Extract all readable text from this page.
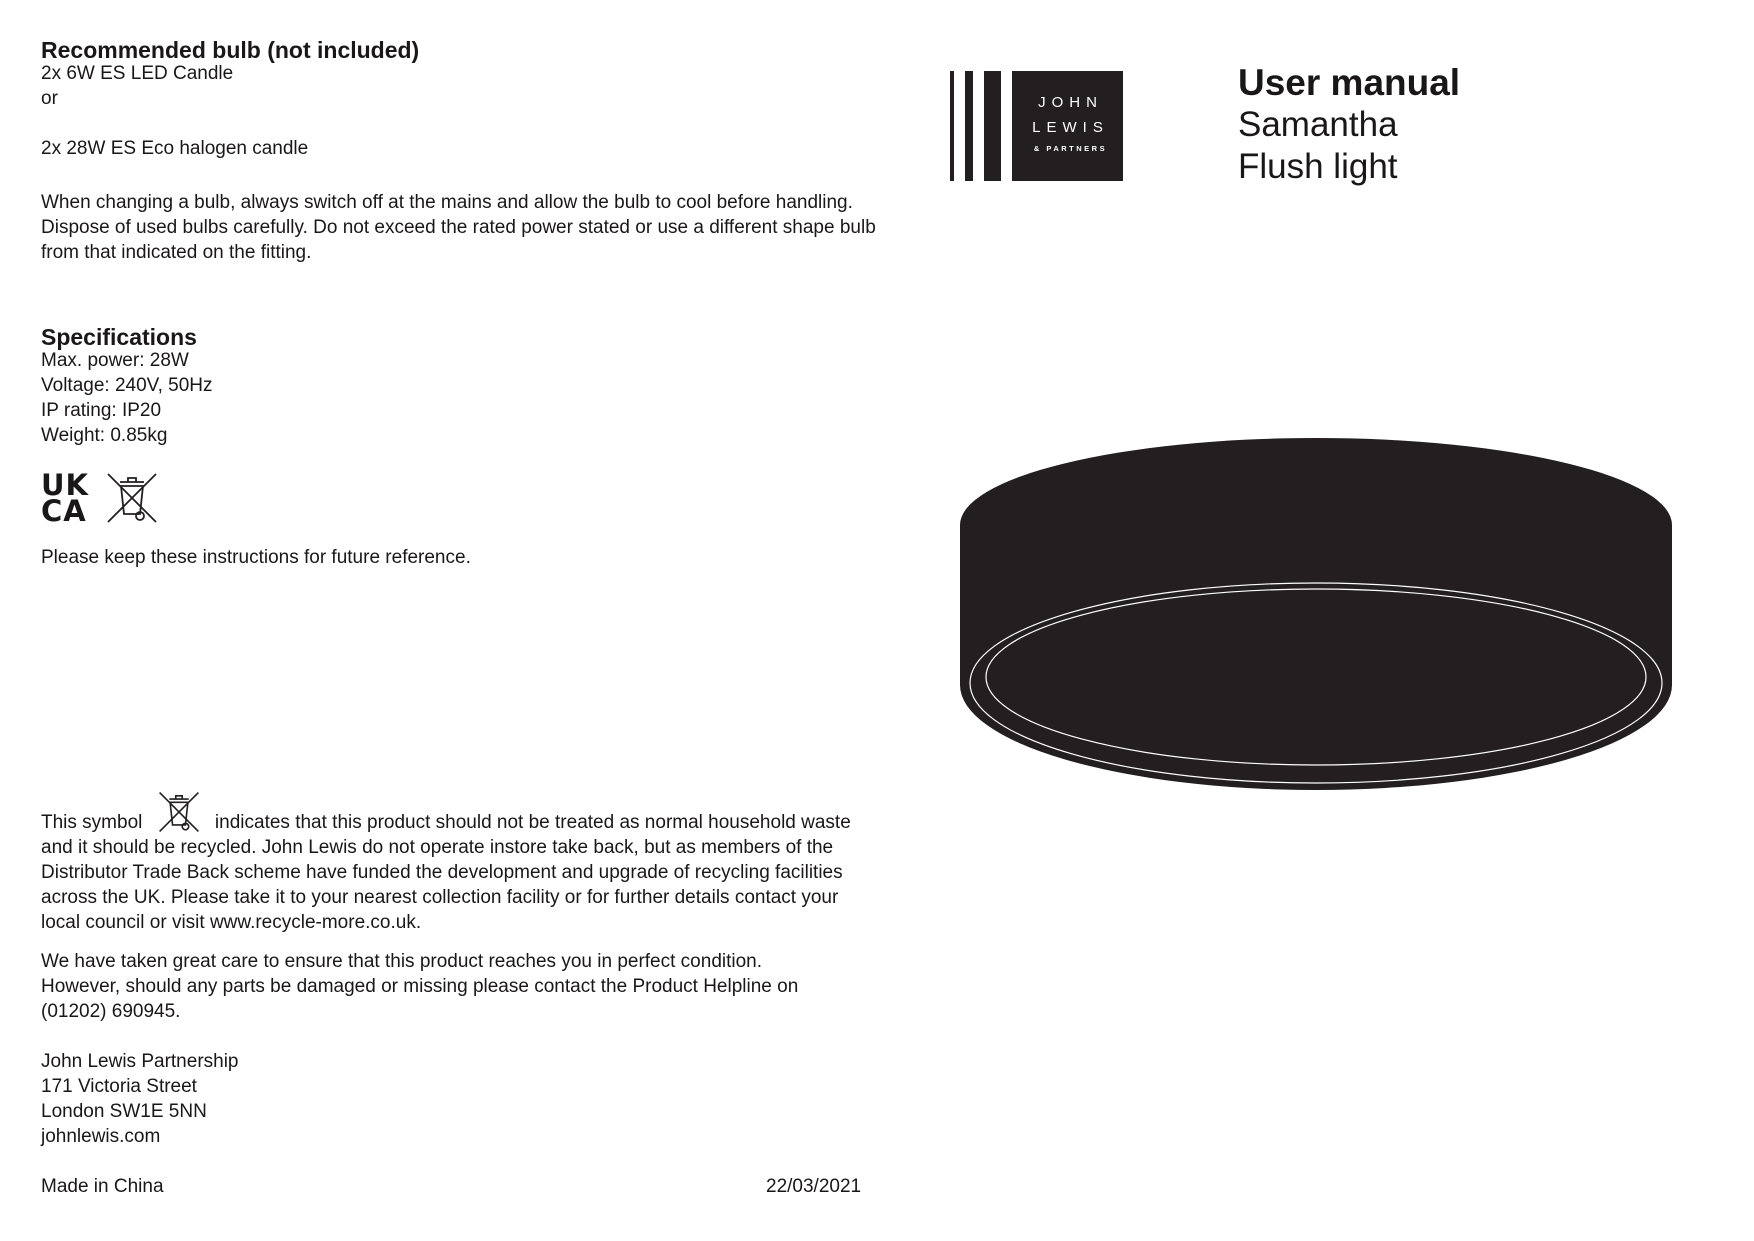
Recommended bulb (not included)
2x 6W ES LED Candle
or
2x 28W ES Eco halogen candle
When changing a bulb, always switch off at the mains and allow the bulb to cool before handling.
Dispose of used bulbs carefully. Do not exceed the rated power stated or use a different shape bulb
from that indicated on the fitting.
Specifications
Max. power: 28W
Voltage: 240V, 50Hz
IP rating: IP20
Weight: 0.85kg
UK
CA
Please keep these instructions for future reference.
This symbol	indicates that this product should not be treated as normal household waste
and it should be recycled. John Lewis do not operate instore take back, but as members of the
Distributor Trade Back scheme have funded the development and upgrade of recycling facilities
across the UK. Please take it to your nearest collection facility or for further details contact your
local council or visit www.recycle-more.co.uk.
We have taken great care to ensure that this product reaches you in perfect condition.
However, should any parts be damaged or missing please contact the Product Helpline on
(01202) 690945.
John Lewis Partnership
171 Victoria Street
London SW1E 5NN
johnlewis.com
Made in China	22/03/2021
JOHN
LEWIS
& PARTNERS
User manual
Samantha
Flush light
